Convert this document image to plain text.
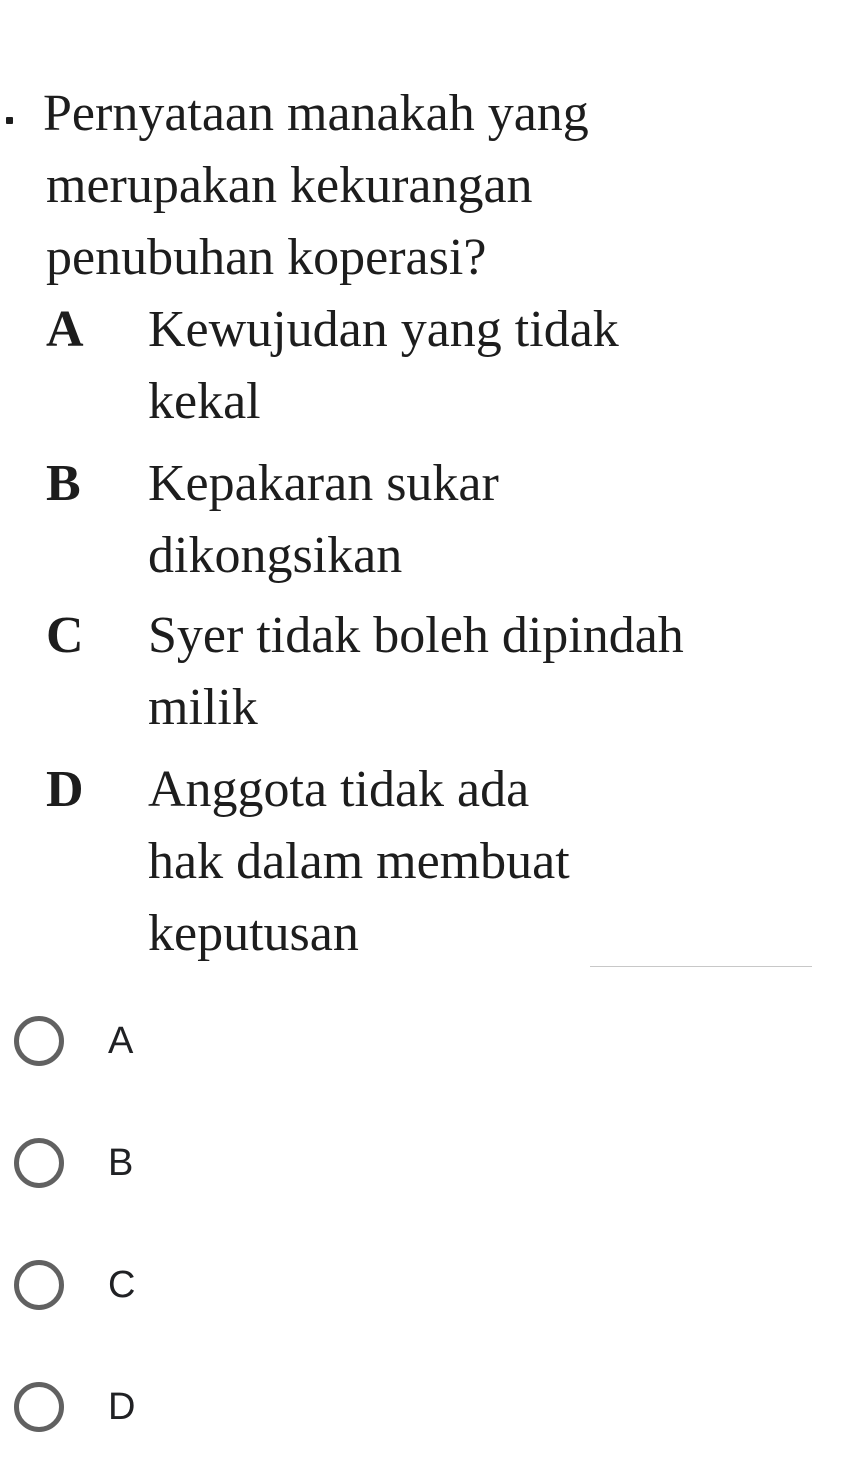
Pernyataan manakah yang
merupakan kekurangan
penubuhan koperasi?
A Kewujudan yang tidak
kekal
B Kepakaran sukar
dikongsikan
C Syer tidak boleh dipindah
milik
D Anggota tidak ada
hak dalam membuat
keputusan
A
B
C
D
